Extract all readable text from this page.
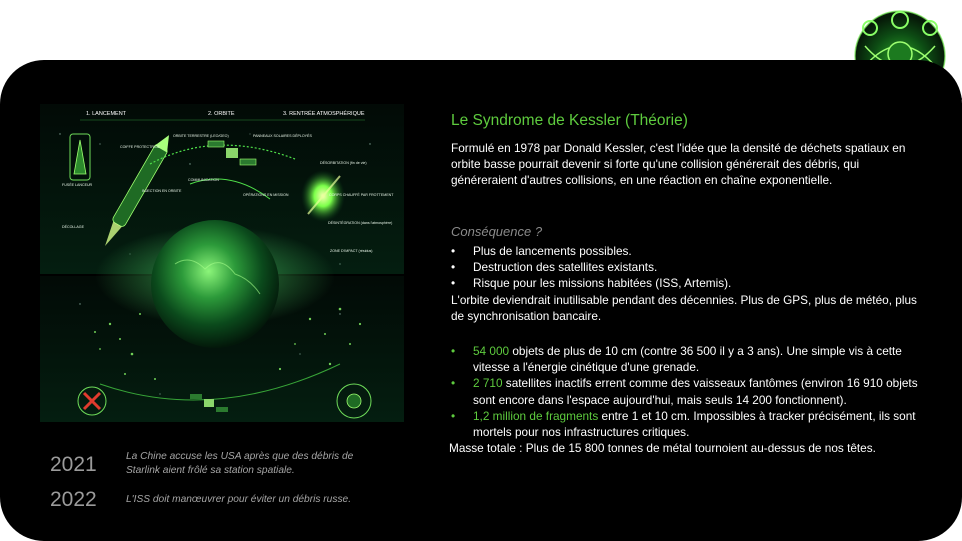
1. LANCEMENT	2. ORBITE	3. RENTRÉE ATMOSPHÉRIQUE
COIFFE PROTECTRICE
FUSÉE LANCEUR
INJECTION EN ORBITE
DÉCOLLAGE
ORBITE TERRESTRE (LEO/GEO)	PANNEAUX SOLAIRES DÉPLOYÉS
COMMUNICATION
OPÉRATIONS EN MISSION
DÉSORBITATION (fin de vie)
CORPS CHAUFFÉ PAR FROTTEMENT
DÉSINTÉGRATION (dans l'atmosphère)
ZONE D'IMPACT (résidus)
2021	La Chine accuse les USA après que des débris de Starlink aient frôlé sa station spatiale.
2022	L'ISS doit manœuvrer pour éviter un débris russe.
Le Syndrome de Kessler (Théorie)
Formulé en 1978 par Donald Kessler, c'est l'idée que la densité de déchets spatiaux en orbite basse pourrait devenir si forte qu'une collision générerait des débris, qui généreraient d'autres collisions, en une réaction en chaîne exponentielle.
Conséquence ?
• Plus de lancements possibles.
• Destruction des satellites existants.
• Risque pour les missions habitées (ISS, Artemis).
L'orbite deviendrait inutilisable pendant des décennies. Plus de GPS, plus de météo, plus de synchronisation bancaire.
• 54 000 objets de plus de 10 cm (contre 36 500 il y a 3 ans). Une simple vis à cette vitesse a l'énergie cinétique d'une grenade.
• 2 710 satellites inactifs errent comme des vaisseaux fantômes (environ 16 910 objets sont encore dans l'espace aujourd'hui, mais seuls 14 200 fonctionnent).
• 1,2 million de fragments entre 1 et 10 cm. Impossibles à tracker précisément, ils sont mortels pour nos infrastructures critiques.
Masse totale : Plus de 15 800 tonnes de métal tournoient au-dessus de nos têtes.
